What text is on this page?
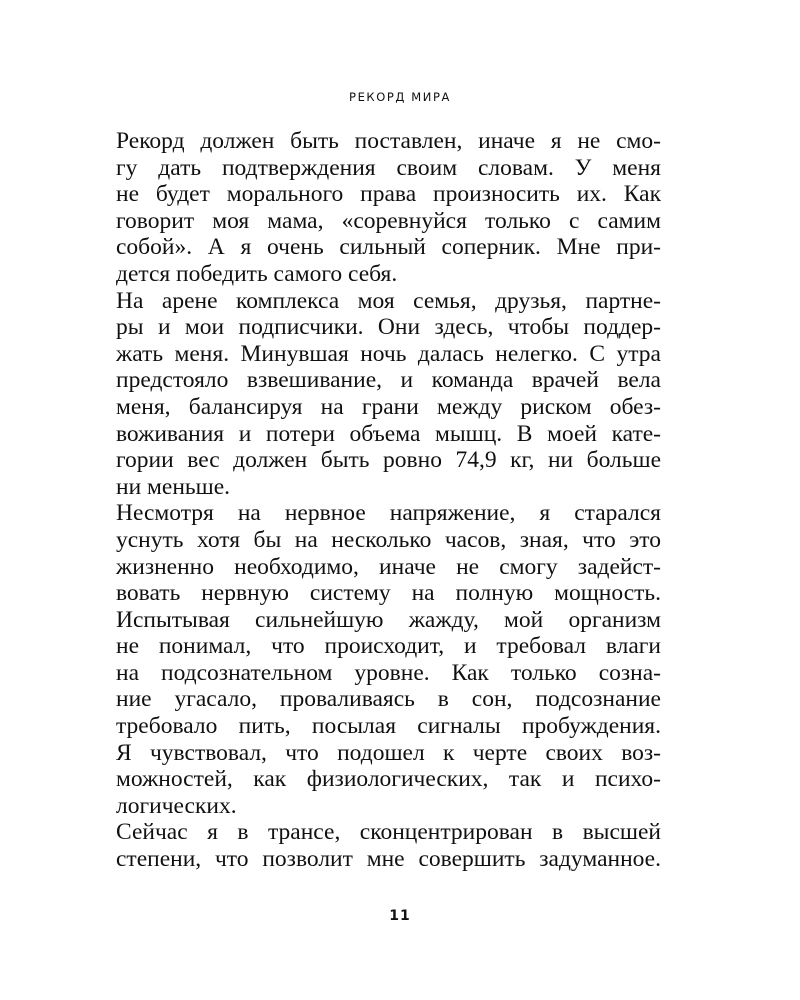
РЕКОРД МИРА
Рекорд должен быть поставлен, иначе я не смо-
гу дать подтверждения своим словам. У меня
не будет морального права произносить их. Как
говорит моя мама, «соревнуйся только с самим
собой». А я очень сильный соперник. Мне при-
дется победить самого себя.
На арене комплекса моя семья, друзья, партне-
ры и мои подписчики. Они здесь, чтобы поддер-
жать меня. Минувшая ночь далась нелегко. С утра
предстояло взвешивание, и команда врачей вела
меня, балансируя на грани между риском обез-
воживания и потери объема мышц. В моей кате-
гории вес должен быть ровно 74,9 кг, ни больше
ни меньше.
Несмотря на нервное напряжение, я старался
уснуть хотя бы на несколько часов, зная, что это
жизненно необходимо, иначе не смогу задейст-
вовать нервную систему на полную мощность.
Испытывая сильнейшую жажду, мой организм
не понимал, что происходит, и требовал влаги
на подсознательном уровне. Как только созна-
ние угасало, проваливаясь в сон, подсознание
требовало пить, посылая сигналы пробуждения.
Я чувствовал, что подошел к черте своих воз-
можностей, как физиологических, так и психо-
логических.
Сейчас я в трансе, сконцентрирован в высшей
степени, что позволит мне совершить задуманное.
11
